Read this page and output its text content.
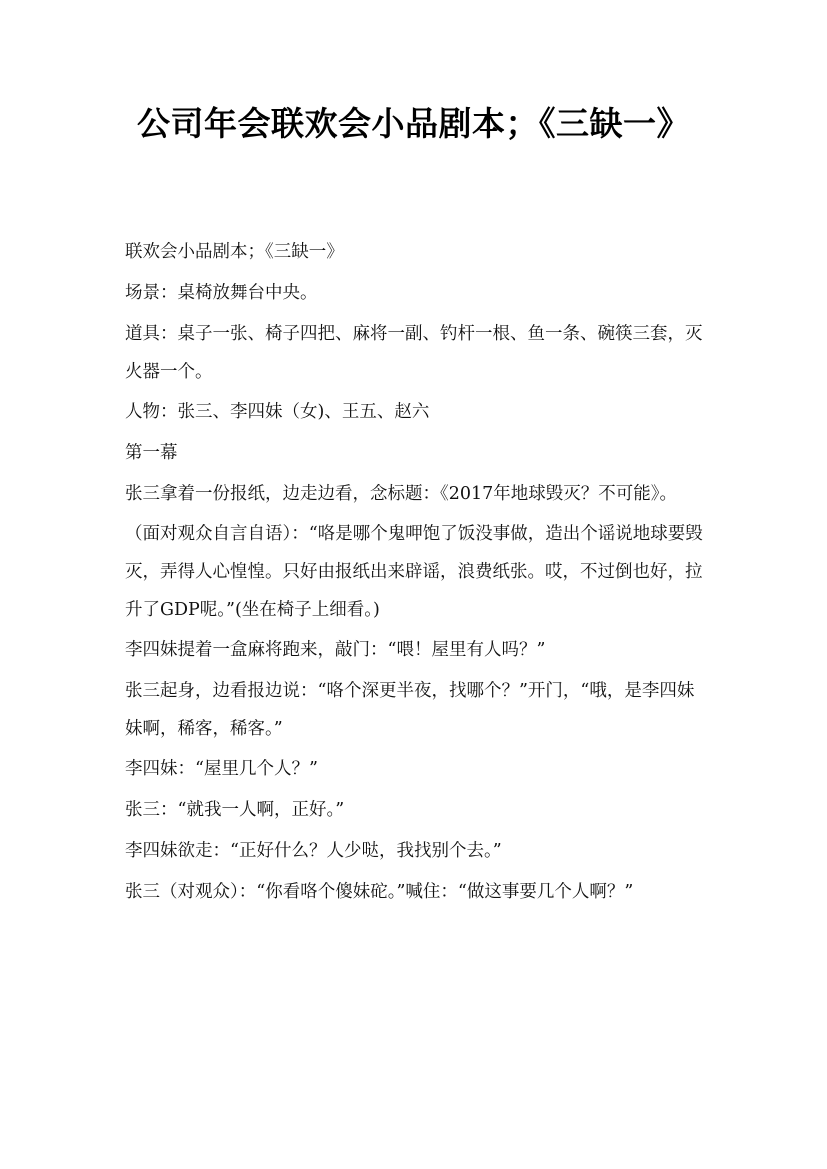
公司年会联欢会小品剧本；《三缺一》

联欢会小品剧本；《三缺一》

场景：桌椅放舞台中央。

道具：桌子一张、椅子四把、麻将一副、钓杆一根、鱼一条、碗筷三套，灭火器一个。

人物：张三、李四妹（女)、王五、赵六

第一幕

张三拿着一份报纸，边走边看，念标题：《2017年地球毁灭？不可能》。

（面对观众自言自语）：“咯是哪个鬼呷饱了饭没事做，造出个谣说地球要毁灭，弄得人心惶惶。只好由报纸出来辟谣，浪费纸张。哎，不过倒也好，拉升了GDP呢。”(坐在椅子上细看。)

李四妹提着一盒麻将跑来，敲门：“喂！屋里有人吗？”

张三起身，边看报边说：“咯个深更半夜，找哪个？”开门，“哦，是李四妹妹啊，稀客，稀客。”

李四妹：“屋里几个人？”

张三：“就我一人啊，正好。”

李四妹欲走：“正好什么？人少哒，我找别个去。”

张三（对观众）：“你看咯个傻妹砣。”喊住：“做这事要几个人啊？”
